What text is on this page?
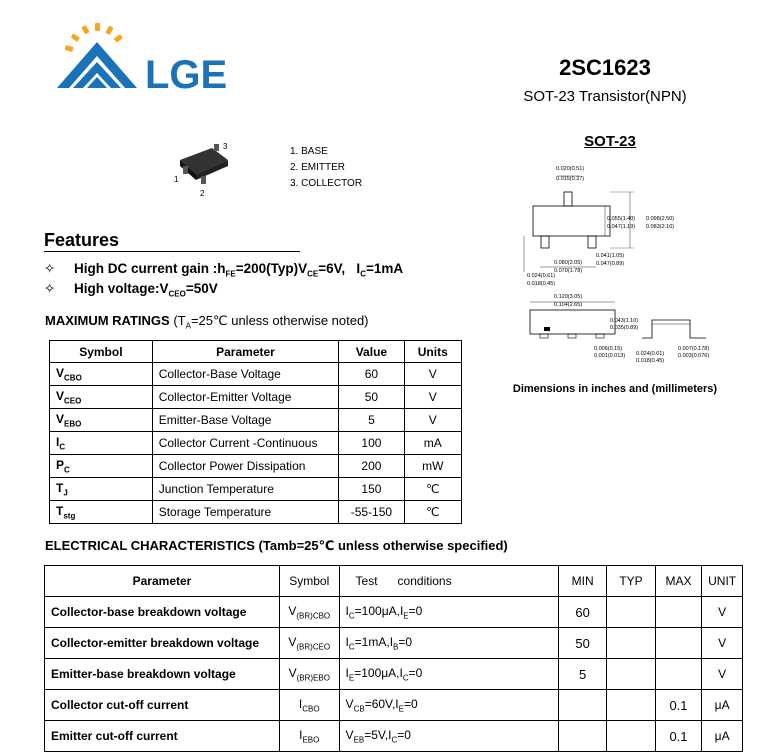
LGE	2SC1623
SOT-23 Transistor(NPN)
3
1
2
1. BASE
2. EMITTER
3. COLLECTOR
SOT-23
0.020(0.51)
0.015(0.37)
0.055(1.40)
0.047(1.19)
0.098(2.50)
0.083(2.10)
0.041(1.05)
0.047(0.89)
0.080(2.05)
0.070(1.78)
0.024(0.61)
0.018(0.45)
0.120(3.05)
0.104(2.65)
0.043(1.10)
0.035(0.89)
0.006(0.15)
0.001(0.013) 0.024(0.61)
0.018(0.45)
0.007(0.178)
0.003(0.076)
Dimensions in inches and (millimeters)
Features
✧ High DC current gain $:h_{FE}=200(Typ)V_{CE}=6V$,   $I_C=1mA$
✧ High $voltage:V_{CEO}=50V$
MAXIMUM RATINGS ($T_A=25℃$ unless otherwise noted)
Symbol	Parameter	Value	Units
$V_{CBO}$	Collector-Base Voltage	60	V
$V_{CEO}$	Collector-Emitter Voltage	50	V
$V_{EBO}$	Emitter-Base Voltage	5	V
$I_C$	Collector Current -Continuous	100	mA
$P_C$	Collector Power Dissipation	200	mW
$T_J$	Junction Temperature	150	℃
$T_{stg}$	Storage Temperature	-55-150	℃
ELECTRICAL CHARACTERISTICS (Tamb=25℃ unless otherwise specified)
Parameter	Symbol	Test      conditions	MIN	TYP	MAX	UNIT
Collector-base breakdown voltage	$V_{(BR)CBO}$	$I_C=100\mu A,I_E=0$	60			V
Collector-emitter breakdown voltage	$V_{(BR)CEO}$	$I_C=1mA,I_B=0$	50			V
Emitter-base breakdown voltage	$V_{(BR)EBO}$	$I_E=100\mu A,I_C=0$	5			V
Collector cut-off current	$I_{CBO}$	$V_{CB}=60V,I_E=0$			0.1	μA
Emitter cut-off current	$I_{EBO}$	$V_{EB}=5V,I_C=0$			0.1	μA
